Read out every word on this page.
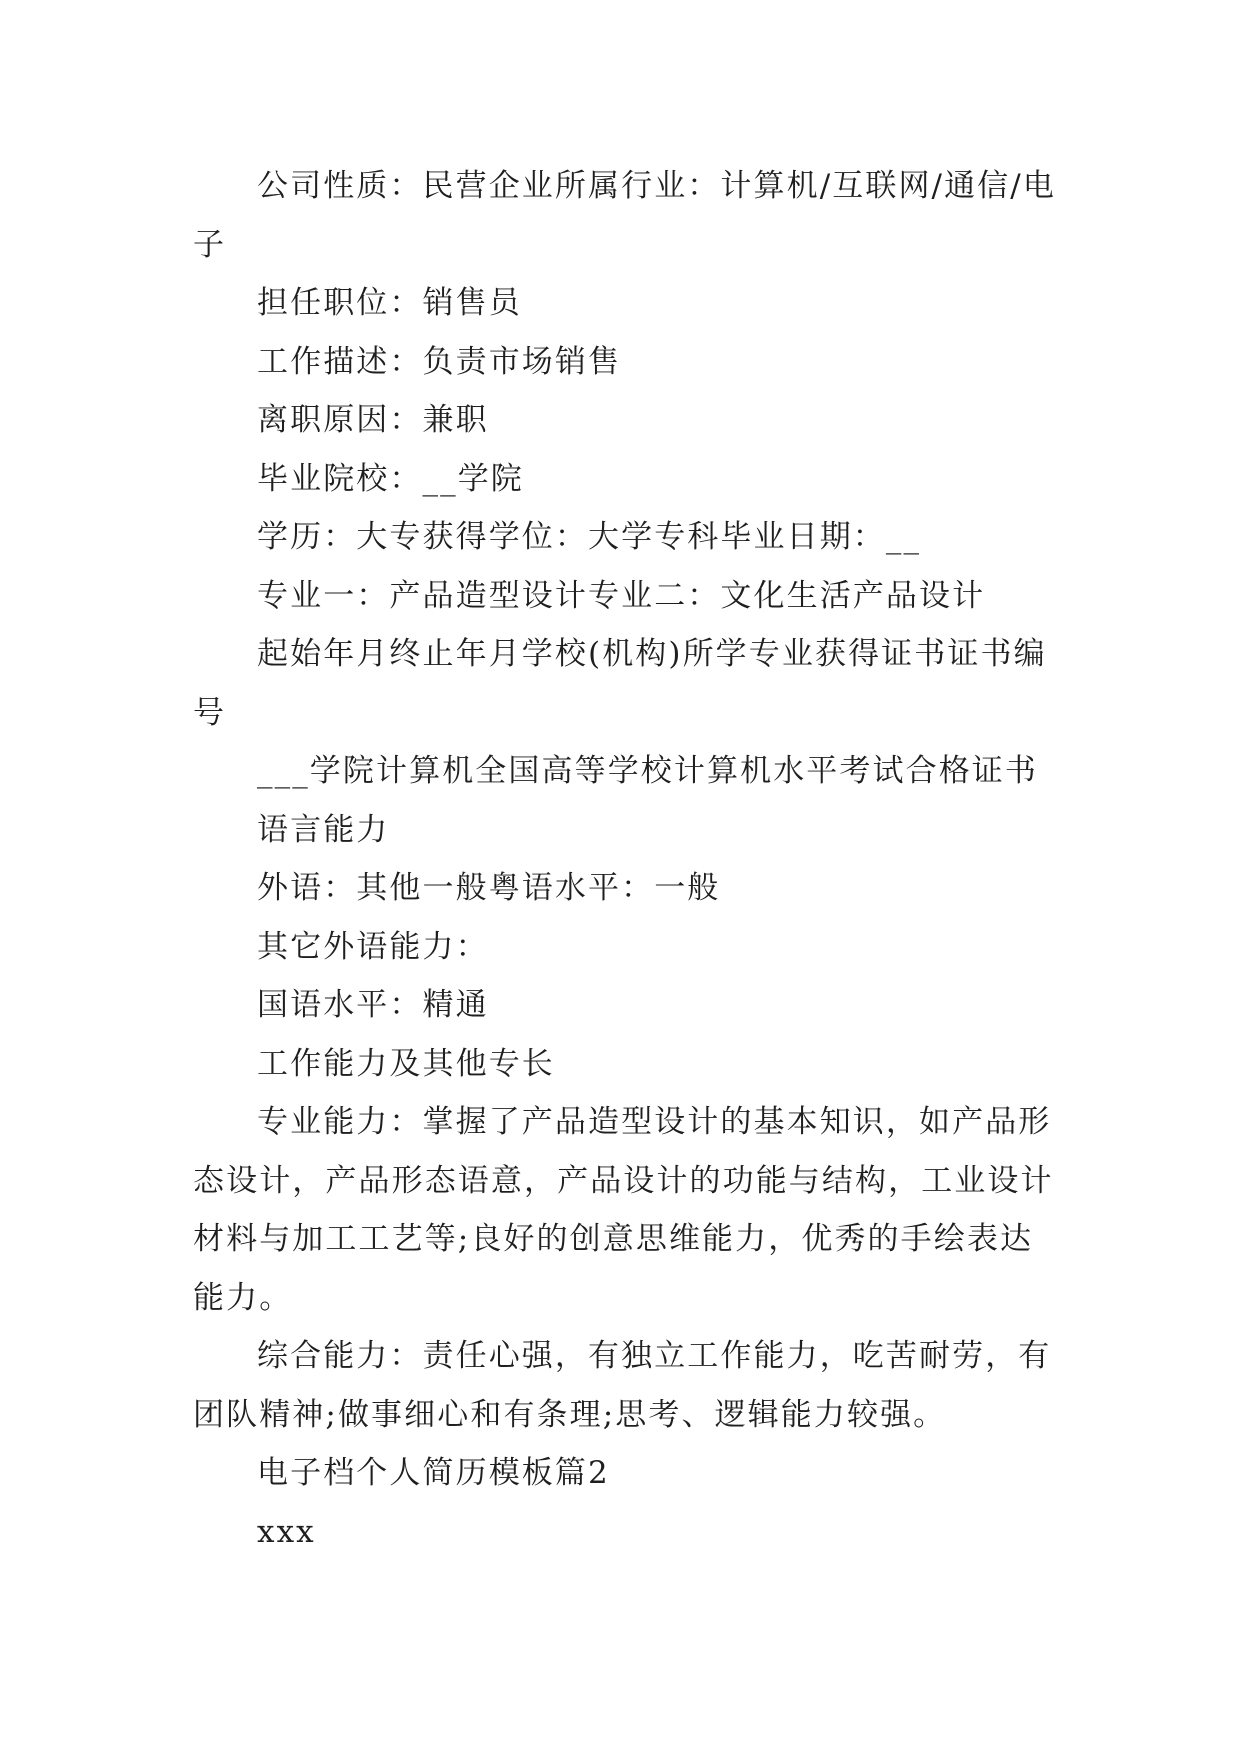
公司性质：民营企业所属行业：计算机/互联网/通信/电子

担任职位：销售员

工作描述：负责市场销售

离职原因：兼职

毕业院校：__学院

学历：大专获得学位：大学专科毕业日期：__

专业一：产品造型设计专业二：文化生活产品设计

起始年月终止年月学校(机构)所学专业获得证书证书编号

___学院计算机全国高等学校计算机水平考试合格证书

语言能力

外语：其他一般粤语水平：一般

其它外语能力：

国语水平：精通

工作能力及其他专长

专业能力：掌握了产品造型设计的基本知识，如产品形态设计，产品形态语意，产品设计的功能与结构，工业设计材料与加工工艺等;良好的创意思维能力，优秀的手绘表达能力。

综合能力：责任心强，有独立工作能力，吃苦耐劳，有团队精神;做事细心和有条理;思考、逻辑能力较强。

电子档个人简历模板篇2

xxx
